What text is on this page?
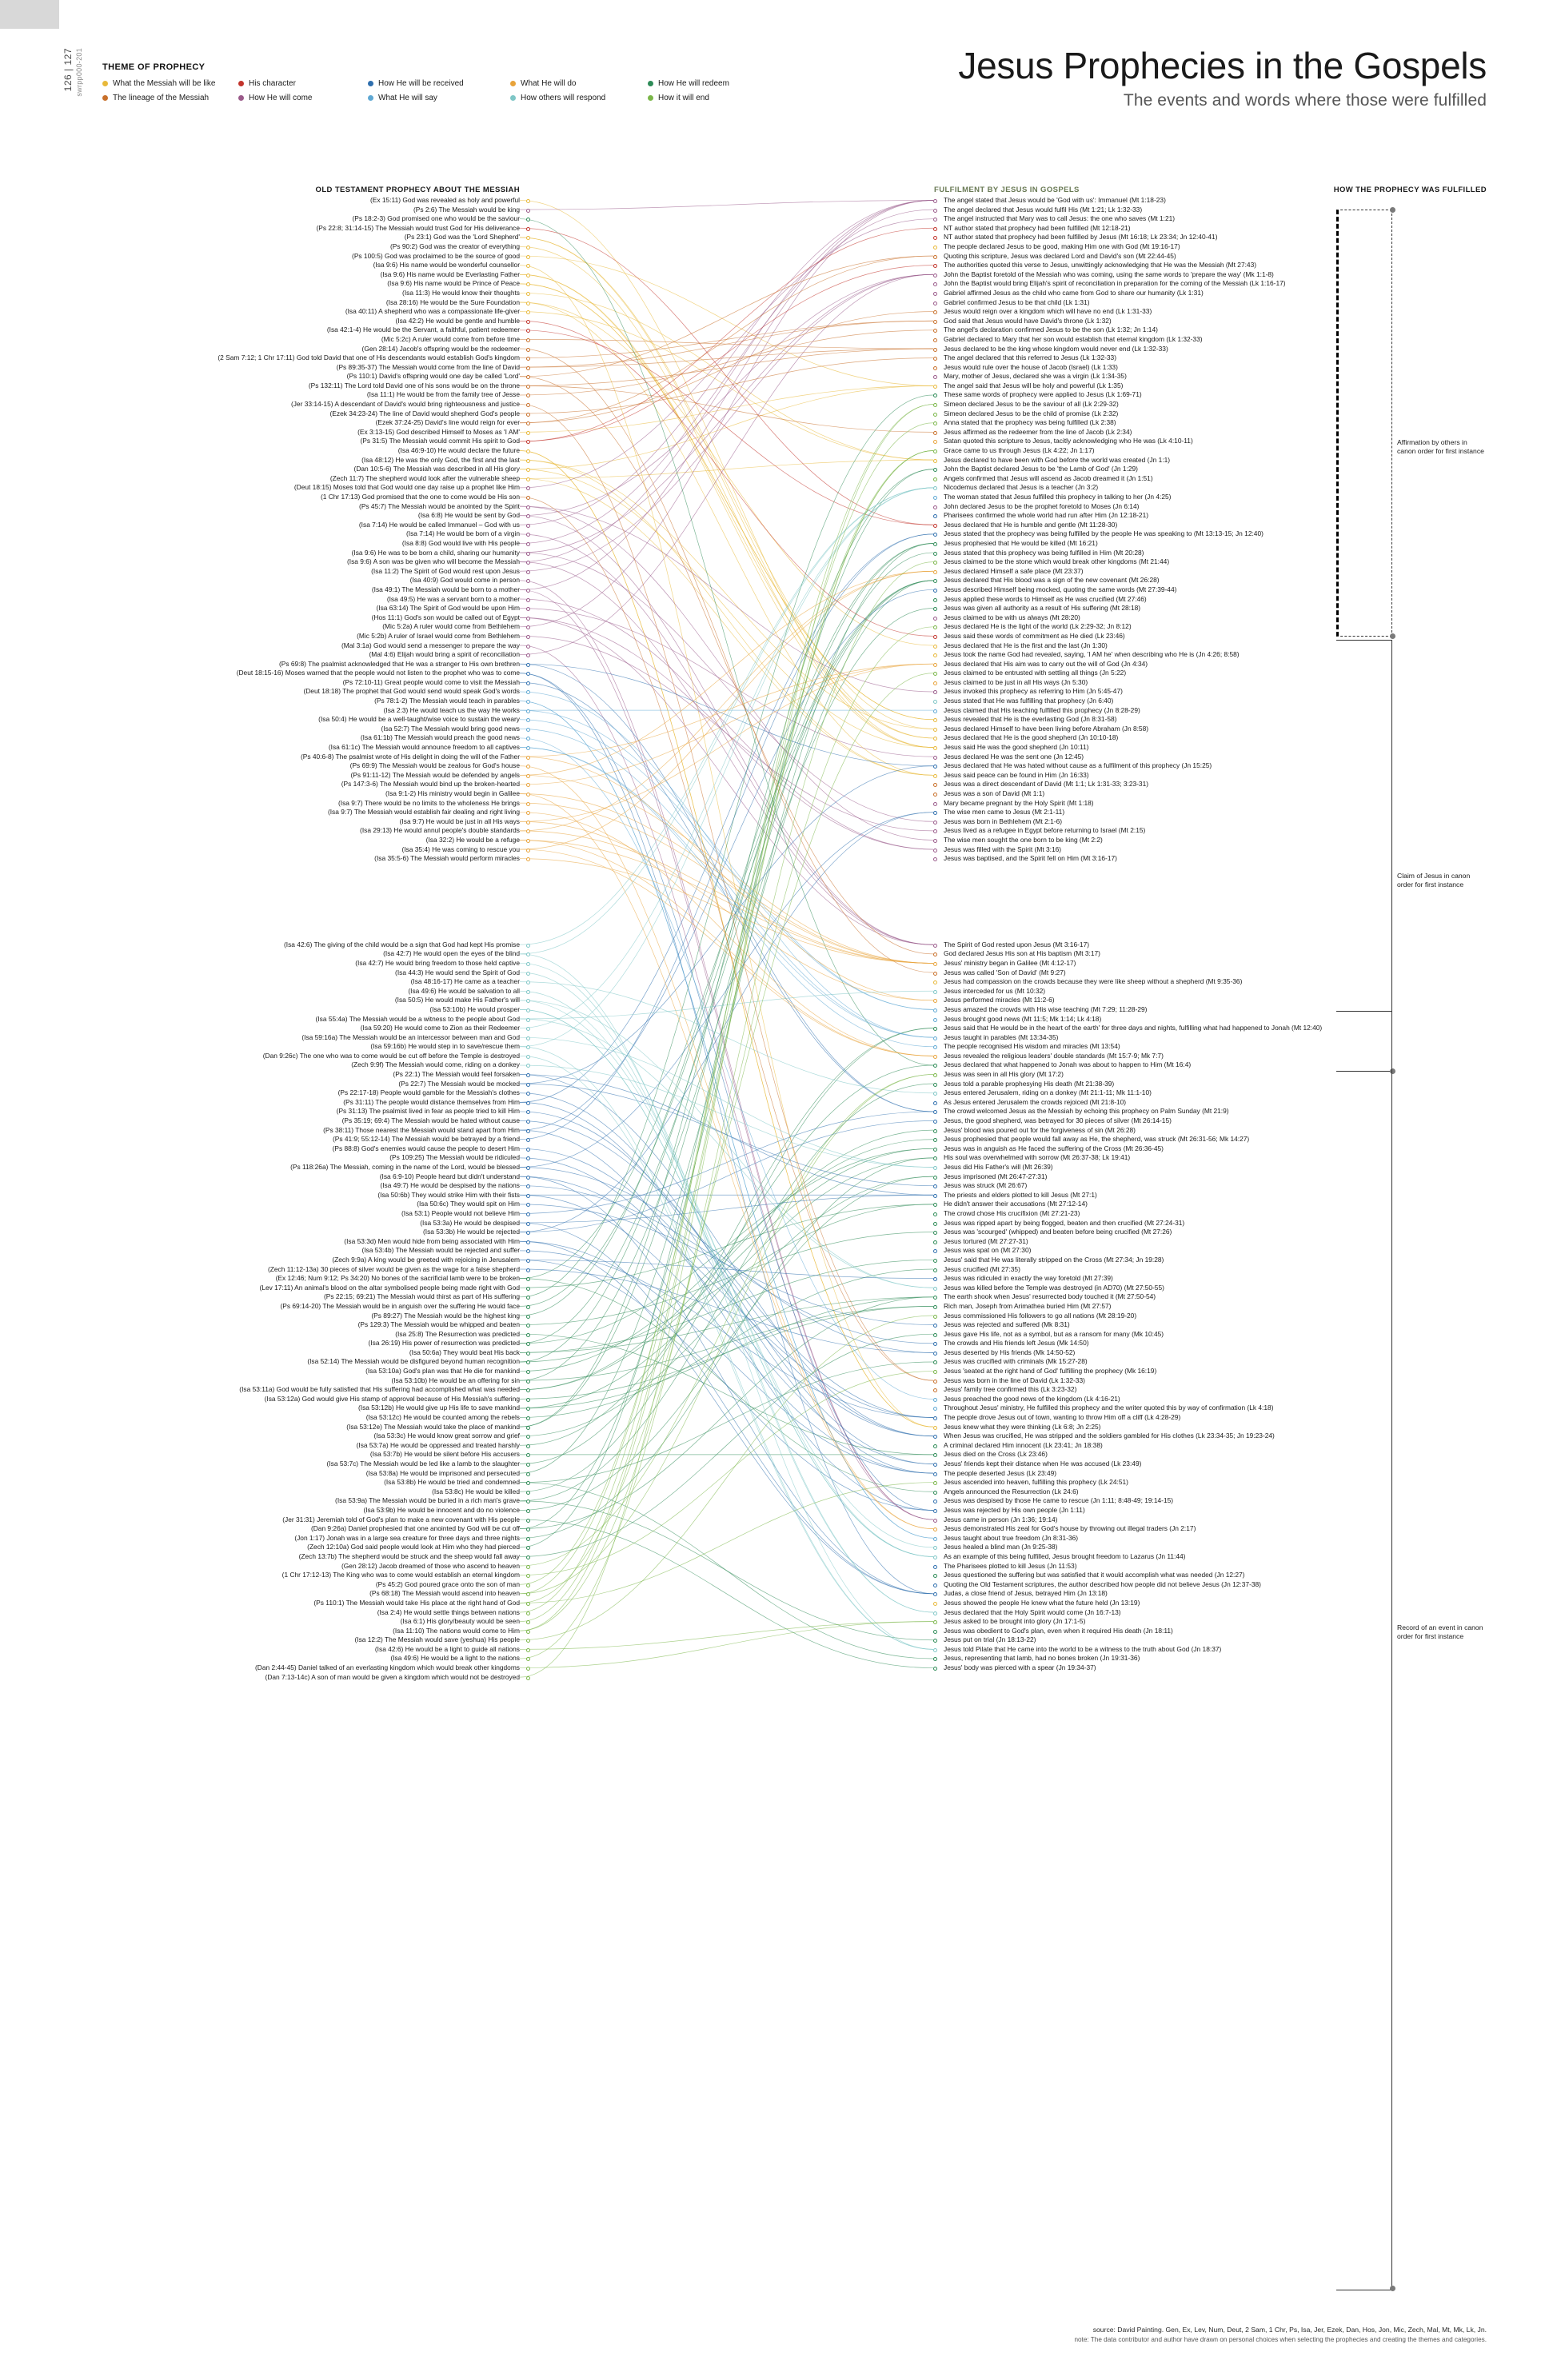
126 | 127 swrpp000-201 THEME OF PROPHECY
What the Messiah will be like
The lineage of the Messiah
His character
How He will come
How He will be received
What He will say
What He will do
How others will respond
How He will redeem
How it will end
Jesus Prophecies in the Gospels
The events and words where those were fulfilled
OLD TESTAMENT PROPHECY ABOUT THE MESSIAH	FULFILMENT BY JESUS IN GOSPELS	HOW THE PROPHECY WAS FULFILLED
(Ex 15:11) God was revealed as holy and powerful
(Ps 2:6) The Messiah would be king
(Ps 18:2-3) God promised one who would be the saviour
(Ps 22:8; 31:14-15) The Messiah would trust God for His deliverance
(Ps 23:1) God was the 'Lord Shepherd'
(Ps 90:2) God was the creator of everything
(Ps 100:5) God was proclaimed to be the source of good
(Isa 9:6) His name would be wonderful counsellor
(Isa 9:6) His name would be Everlasting Father
(Isa 9:6) His name would be Prince of Peace
(Isa 11:3) He would know their thoughts
(Isa 28:16) He would be the Sure Foundation
(Isa 40:11) A shepherd who was a compassionate life-giver
(Isa 42:2) He would be gentle and humble
(Isa 42:1-4) He would be the Servant, a faithful, patient redeemer
(Mic 5:2c) A ruler would come from before time
(Gen 28:14) Jacob's offspring would be the redeemer
(2 Sam 7:12; 1 Chr 17:11) God told David that one of His descendants would establish God's kingdom
(Ps 89:35-37) The Messiah would come from the line of David
(Ps 110:1) David's offspring would one day be called 'Lord'
(Ps 132:11) The Lord told David one of his sons would be on the throne
(Isa 11:1) He would be from the family tree of Jesse
(Jer 33:14-15) A descendant of David's would bring righteousness and justice
(Ezek 34:23-24) The line of David would shepherd God's people
(Ezek 37:24-25) David's line would reign for ever
(Ex 3:13-15) God described Himself to Moses as 'I AM'
(Ps 31:5) The Messiah would commit His spirit to God
(Isa 46:9-10) He would declare the future
(Isa 48:12) He was the only God, the first and the last
(Dan 10:5-6) The Messiah was described in all His glory
(Zech 11:7) The shepherd would look after the vulnerable sheep
(Deut 18:15) Moses told that God would one day raise up a prophet like Him
(1 Chr 17:13) God promised that the one to come would be His son
(Ps 45:7) The Messiah would be anointed by the Spirit
(Isa 6:8) He would be sent by God
(Isa 7:14) He would be called Immanuel – God with us
(Isa 7:14) He would be born of a virgin
(Isa 8:8) God would live with His people
(Isa 9:6) He was to be born a child, sharing our humanity
(Isa 9:6) A son was be given who will become the Messiah
(Isa 11:2) The Spirit of God would rest upon Jesus
(Isa 40:9) God would come in person
(Isa 49:1) The Messiah would be born to a mother
(Isa 49:5) He was a servant born to a mother
(Isa 63:14) The Spirit of God would be upon Him
(Hos 11:1) God's son would be called out of Egypt
(Mic 5:2a) A ruler would come from Bethlehem
(Mic 5:2b) A ruler of Israel would come from Bethlehem
(Mal 3:1a) God would send a messenger to prepare the way
(Mal 4:6) Elijah would bring a spirit of reconciliation
(Ps 69:8) The psalmist acknowledged that He was a stranger to His own brethren
(Deut 18:15-16) Moses warned that the people would not listen to the prophet who was to come
(Ps 72:10-11) Great people would come to visit the Messiah
(Deut 18:18) The prophet that God would send would speak God's words
(Ps 78:1-2) The Messiah would teach in parables
(Isa 2:3) He would teach us the way He works
(Isa 50:4) He would be a well-taught/wise voice to sustain the weary
(Isa 52:7) The Messiah would bring good news
(Isa 61:1b) The Messiah would preach the good news
(Isa 61:1c) The Messiah would announce freedom to all captives
(Ps 40:6-8) The psalmist wrote of His delight in doing the will of the Father
(Ps 69:9) The Messiah would be zealous for God's house
(Ps 91:11-12) The Messiah would be defended by angels
(Ps 147:3-6) The Messiah would bind up the broken-hearted
(Isa 9:1-2) His ministry would begin in Galilee
(Isa 9:7) There would be no limits to the wholeness He brings
(Isa 9:7) The Messiah would establish fair dealing and right living
(Isa 9:7) He would be just in all His ways
(Isa 29:13) He would annul people's double standards
(Isa 32:2) He would be a refuge
(Isa 35:4) He was coming to rescue you
(Isa 35:5-6) The Messiah would perform miracles
(Isa 42:6) The giving of the child would be a sign that God had kept His promise
(Isa 42:7) He would open the eyes of the blind
(Isa 42:7) He would bring freedom to those held captive
(Isa 44:3) He would send the Spirit of God
(Isa 48:16-17) He came as a teacher
(Isa 49:6) He would be salvation to all
(Isa 50:5) He would make His Father's will
(Isa 53:10b) He would prosper
(Isa 55:4a) The Messiah would be a witness to the people about God
(Isa 59:20) He would come to Zion as their Redeemer
(Isa 59:16a) The Messiah would be an intercessor between man and God
(Isa 59:16b) He would step in to save/rescue them
(Dan 9:26c) The one who was to come would be cut off before the Temple is destroyed
(Zech 9:9f) The Messiah would come, riding on a donkey
(Ps 22:1) The Messiah would feel forsaken
(Ps 22:7) The Messiah would be mocked
(Ps 22:17-18) People would gamble for the Messiah's clothes
(Ps 31:11) The people would distance themselves from Him
(Ps 31:13) The psalmist lived in fear as people tried to kill Him
(Ps 35:19; 69:4) The Messiah would be hated without cause
(Ps 38:11) Those nearest the Messiah would stand apart from Him
(Ps 41:9; 55:12-14) The Messiah would be betrayed by a friend
(Ps 88:8) God's enemies would cause the people to desert Him
(Ps 109:25) The Messiah would be ridiculed
(Ps 118:26a) The Messiah, coming in the name of the Lord, would be blessed
(Isa 6:9-10) People heard but didn't understand
(Isa 49:7) He would be despised by the nations
(Isa 50:6b) They would strike Him with their fists
(Isa 50:6c) They would spit on Him
(Isa 53:1) People would not believe Him
(Isa 53:3a) He would be despised
(Isa 53:3b) He would be rejected
(Isa 53:3d) Men would hide from being associated with Him
(Isa 53:4b) The Messiah would be rejected and suffer
(Zech 9:9a) A king would be greeted with rejoicing in Jerusalem
(Zech 11:12-13a) 30 pieces of silver would be given as the wage for a false shepherd
(Ex 12:46; Num 9:12; Ps 34:20) No bones of the sacrificial lamb were to be broken
(Lev 17:11) An animal's blood on the altar symbolised people being made right with God
(Ps 22:15; 69:21) The Messiah would thirst as part of His suffering
(Ps 69:14-20) The Messiah would be in anguish over the suffering He would face
(Ps 89:27) The Messiah would be the highest king
(Ps 129:3) The Messiah would be whipped and beaten
(Isa 25:8) The Resurrection was predicted
(Isa 26:19) His power of resurrection was predicted
(Isa 50:6a) They would beat His back
(Isa 52:14) The Messiah would be disfigured beyond human recognition
(Isa 53:10a) God's plan was that He die for mankind
(Isa 53:10b) He would be an offering for sin
(Isa 53:11a) God would be fully satisfied that His suffering had accomplished what was needed
(Isa 53:12a) God would give His stamp of approval because of His Messiah's suffering
(Isa 53:12b) He would give up His life to save mankind
(Isa 53:12c) He would be counted among the rebels
(Isa 53:12e) The Messiah would take the place of mankind
(Isa 53:3c) He would know great sorrow and grief
(Isa 53:7a) He would be oppressed and treated harshly
(Isa 53:7b) He would be silent before His accusers
(Isa 53:7c) The Messiah would be led like a lamb to the slaughter
(Isa 53:8a) He would be imprisoned and persecuted
(Isa 53:8b) He would be tried and condemned
(Isa 53:8c) He would be killed
(Isa 53:9a) The Messiah would be buried in a rich man's grave
(Isa 53:9b) He would be innocent and do no violence
(Jer 31:31) Jeremiah told of God's plan to make a new covenant with His people
(Dan 9:26a) Daniel prophesied that one anointed by God will be cut off
(Jon 1:17) Jonah was in a large sea creature for three days and three nights
(Zech 12:10a) God said people would look at Him who they had pierced
(Zech 13:7b) The shepherd would be struck and the sheep would fall away
(Gen 28:12) Jacob dreamed of those who ascend to heaven
(1 Chr 17:12-13) The King who was to come would establish an eternal kingdom
(Ps 45:2) God poured grace onto the son of man
(Ps 68:18) The Messiah would ascend into heaven
(Ps 110:1) The Messiah would take His place at the right hand of God
(Isa 2:4) He would settle things between nations
(Isa 6:1) His glory/beauty would be seen
(Isa 11:10) The nations would come to Him
(Isa 12:2) The Messiah would save (yeshua) His people
(Isa 42:6) He would be a light to guide all nations
(Isa 49:6) He would be a light to the nations
(Dan 2:44-45) Daniel talked of an everlasting kingdom which would break other kingdoms
(Dan 7:13-14c) A son of man would be given a kingdom which would not be destroyed
The angel stated that Jesus would be 'God with us': Immanuel (Mt 1:18-23)
The angel declared that Jesus would fulfil His (Mt 1:21; Lk 1:32-33)
The angel instructed that Mary was to call Jesus: the one who saves (Mt 1:21)
NT author stated that prophecy had been fulfilled (Mt 12:18-21)
NT author stated that prophecy had been fulfilled by Jesus (Mt 16:18; Lk 23:34; Jn 12:40-41)
The people declared Jesus to be good, making Him one with God (Mt 19:16-17)
Quoting this scripture, Jesus was declared Lord and David's son (Mt 22:44-45)
The authorities quoted this verse to Jesus, unwittingly acknowledging that He was the Messiah (Mt 27:43)
John the Baptist foretold of the Messiah who was coming, using the same words to 'prepare the way' (Mk 1:1-8)
John the Baptist would bring Elijah's spirit of reconciliation in preparation for the coming of the Messiah (Lk 1:16-17)
Gabriel affirmed Jesus as the child who came from God to share our humanity (Lk 1:31)
Gabriel confirmed Jesus to be that child (Lk 1:31)
Jesus would reign over a kingdom which will have no end (Lk 1:31-33)
God said that Jesus would have David's throne (Lk 1:32)
The angel's declaration confirmed Jesus to be the son (Lk 1:32; Jn 1:14)
Gabriel declared to Mary that her son would establish that eternal kingdom (Lk 1:32-33)
Jesus declared to be the king whose kingdom would never end (Lk 1:32-33)
The angel declared that this referred to Jesus (Lk 1:32-33)
Jesus would rule over the house of Jacob (Israel) (Lk 1:33)
Mary, mother of Jesus, declared she was a virgin (Lk 1:34-35)
The angel said that Jesus will be holy and powerful (Lk 1:35)
These same words of prophecy were applied to Jesus (Lk 1:69-71)
Simeon declared Jesus to be the saviour of all (Lk 2:29-32)
Simeon declared Jesus to be the child of promise (Lk 2:32)
Anna stated that the prophecy was being fulfilled (Lk 2:38)
Jesus affirmed as the redeemer from the line of Jacob (Lk 2:34)
Satan quoted this scripture to Jesus, tacitly acknowledging who He was (Lk 4:10-11)
Grace came to us through Jesus (Lk 4:22; Jn 1:17)
Jesus declared to have been with God before the world was created (Jn 1:1)
John the Baptist declared Jesus to be 'the Lamb of God' (Jn 1:29)
Angels confirmed that Jesus will ascend as Jacob dreamed it (Jn 1:51)
Nicodemus declared that Jesus is a teacher (Jn 3:2)
The woman stated that Jesus fulfilled this prophecy in talking to her (Jn 4:25)
John declared Jesus to be the prophet foretold to Moses (Jn 6:14)
Pharisees confirmed the whole world had run after Him (Jn 12:18-21)
Jesus declared that He is humble and gentle (Mt 11:28-30)
Jesus stated that the prophecy was being fulfilled by the people He was speaking to (Mt 13:13-15; Jn 12:40)
Jesus prophesied that He would be killed (Mt 16:21)
Jesus stated that this prophecy was being fulfilled in Him (Mt 20:28)
Jesus claimed to be the stone which would break other kingdoms (Mt 21:44)
Jesus declared Himself a safe place (Mt 23:37)
Jesus declared that His blood was a sign of the new covenant (Mt 26:28)
Jesus described Himself being mocked, quoting the same words (Mt 27:39-44)
Jesus applied these words to Himself as He was crucified (Mt 27:46)
Jesus was given all authority as a result of His suffering (Mt 28:18)
Jesus claimed to be with us always (Mt 28:20)
Jesus declared He is the light of the world (Lk 2:29-32; Jn 8:12)
Jesus said these words of commitment as He died (Lk 23:46)
Jesus declared that He is the first and the last (Jn 1:30)
Jesus took the name God had revealed, saying, 'I AM he' when describing who He is (Jn 4:26; 8:58)
Jesus declared that His aim was to carry out the will of God (Jn 4:34)
Jesus claimed to be entrusted with settling all things (Jn 5:22)
Jesus claimed to be just in all His ways (Jn 5:30)
Jesus invoked this prophecy as referring to Him (Jn 5:45-47)
Jesus stated that He was fulfilling that prophecy (Jn 6:40)
Jesus claimed that His teaching fulfilled this prophecy (Jn 8:28-29)
Jesus revealed that He is the everlasting God (Jn 8:31-58)
Jesus declared Himself to have been living before Abraham (Jn 8:58)
Jesus declared that He is the good shepherd (Jn 10:10-18)
Jesus said He was the good shepherd (Jn 10:11)
Jesus declared He was the sent one (Jn 12:45)
Jesus declared that He was hated without cause as a fulfilment of this prophecy (Jn 15:25)
Jesus said peace can be found in Him (Jn 16:33)
Jesus was a direct descendant of David (Mt 1:1; Lk 1:31-33; 3:23-31)
Jesus was a son of David (Mt 1:1)
Mary became pregnant by the Holy Spirit (Mt 1:18)
The wise men came to Jesus (Mt 2:1-11)
Jesus was born in Bethlehem (Mt 2:1-6)
Jesus lived as a refugee in Egypt before returning to Israel (Mt 2:15)
The wise men sought the one born to be king (Mt 2:2)
Jesus was filled with the Spirit (Mt 3:16)
Jesus was baptised, and the Spirit fell on Him (Mt 3:16-17)
The Spirit of God rested upon Jesus (Mt 3:16-17)
God declared Jesus His son at His baptism (Mt 3:17)
Jesus' ministry began in Galilee (Mt 4:12-17)
Jesus was called 'Son of David' (Mt 9:27)
Jesus had compassion on the crowds because they were like sheep without a shepherd (Mt 9:35-36)
Jesus interceded for us (Mt 10:32)
Jesus performed miracles (Mt 11:2-6)
Jesus amazed the crowds with His wise teaching (Mt 7:29; 11:28-29)
Jesus brought good news (Mt 11:5; Mk 1:14; Lk 4:18)
Jesus said that He would be in the heart of the earth' for three days and nights, fulfilling what had happened to Jonah (Mt 12:40)
Jesus taught in parables (Mt 13:34-35)
The people recognised His wisdom and miracles (Mt 13:54)
Jesus revealed the religious leaders' double standards (Mt 15:7-9; Mk 7:7)
Jesus declared that what happened to Jonah was about to happen to Him (Mt 16:4)
Jesus was seen in all His glory (Mt 17:2)
Jesus told a parable prophesying His death (Mt 21:38-39)
Jesus entered Jerusalem, riding on a donkey (Mt 21:1-11; Mk 11:1-10)
As Jesus entered Jerusalem the crowds rejoiced (Mt 21:8-10)
The crowd welcomed Jesus as the Messiah by echoing this prophecy on Palm Sunday (Mt 21:9)
Jesus, the good shepherd, was betrayed for 30 pieces of silver (Mt 26:14-15)
Jesus' blood was poured out for the forgiveness of sin (Mt 26:28)
Jesus prophesied that people would fall away as He, the shepherd, was struck (Mt 26:31-56; Mk 14:27)
Jesus was in anguish as He faced the suffering of the Cross (Mt 26:36-45)
His soul was overwhelmed with sorrow (Mt 26:37-38; Lk 19:41)
Jesus did His Father's will (Mt 26:39)
Jesus imprisoned (Mt 26:47-27:31)
Jesus was struck (Mt 26:67)
The priests and elders plotted to kill Jesus (Mt 27:1)
He didn't answer their accusations (Mt 27:12-14)
The crowd chose His crucifixion (Mt 27:21-23)
Jesus was ripped apart by being flogged, beaten and then crucified (Mt 27:24-31)
Jesus was 'scourged' (whipped) and beaten before being crucified (Mt 27:26)
Jesus tortured (Mt 27:27-31)
Jesus was spat on (Mt 27:30)
Jesus' said that He was literally stripped on the Cross (Mt 27:34; Jn 19:28)
Jesus crucified (Mt 27:35)
Jesus was ridiculed in exactly the way foretold (Mt 27:39)
Jesus was killed before the Temple was destroyed (in AD70) (Mt 27:50-55)
The earth shook when Jesus' resurrected body touched it (Mt 27:50-54)
Rich man, Joseph from Arimathea buried Him (Mt 27:57)
Jesus commissioned His followers to go all nations (Mt 28:19-20)
Jesus was rejected and suffered (Mk 8:31)
Jesus gave His life, not as a symbol, but as a ransom for many (Mk 10:45)
The crowds and His friends left Jesus (Mk 14:50)
Jesus deserted by His friends (Mk 14:50-52)
Jesus was crucified with criminals (Mk 15:27-28)
Jesus 'seated at the right hand of God' fulfilling the prophecy (Mk 16:19)
Jesus was born in the line of David (Lk 1:32-33)
Jesus' family tree confirmed this (Lk 3:23-32)
Jesus preached the good news of the kingdom (Lk 4:16-21)
Throughout Jesus' ministry, He fulfilled this prophecy and the writer quoted this by way of confirmation (Lk 4:18)
The people drove Jesus out of town, wanting to throw Him off a cliff (Lk 4:28-29)
Jesus knew what they were thinking (Lk 6:8; Jn 2:25)
When Jesus was crucified, He was stripped and the soldiers gambled for His clothes (Lk 23:34-35; Jn 19:23-24)
A criminal declared Him innocent (Lk 23:41; Jn 18:38)
Jesus died on the Cross (Lk 23:46)
Jesus' friends kept their distance when He was accused (Lk 23:49)
The people deserted Jesus (Lk 23:49)
Jesus ascended into heaven, fulfilling this prophecy (Lk 24:51)
Angels announced the Resurrection (Lk 24:6)
Jesus was despised by those He came to rescue (Jn 1:11; 8:48-49; 19:14-15)
Jesus was rejected by His own people (Jn 1:11)
Jesus came in person (Jn 1:36; 19:14)
Jesus demonstrated His zeal for God's house by throwing out illegal traders (Jn 2:17)
Jesus taught about true freedom (Jn 8:31-36)
Jesus healed a blind man (Jn 9:25-38)
As an example of this being fulfilled, Jesus brought freedom to Lazarus (Jn 11:44)
The Pharisees plotted to kill Jesus (Jn 11:53)
Jesus questioned the suffering but was satisfied that it would accomplish what was needed (Jn 12:27)
Quoting the Old Testament scriptures, the author described how people did not believe Jesus (Jn 12:37-38)
Judas, a close friend of Jesus, betrayed Him (Jn 13:18)
Jesus showed the people He knew what the future held (Jn 13:19)
Jesus declared that the Holy Spirit would come (Jn 16:7-13)
Jesus asked to be brought into glory (Jn 17:1-5)
Jesus was obedient to God's plan, even when it required His death (Jn 18:11)
Jesus put on trial (Jn 18:13-22)
Jesus told Pilate that He came into the world to be a witness to the truth about God (Jn 18:37)
Jesus, representing that lamb, had no bones broken (Jn 19:31-36)
Jesus' body was pierced with a spear (Jn 19:34-37)
Affirmation by others in canon order for first instance
Claim of Jesus in canon order for first instance
Record of an event in canon order for first instance
source: David Painting. Gen, Ex, Lev, Num, Deut, 2 Sam, 1 Chr, Ps, Isa, Jer, Ezek, Dan, Hos, Jon, Mic, Zech, Mal, Mt, Mk, Lk, Jn.
note: The data contributor and author have drawn on personal choices when selecting the prophecies and creating the themes and categories.
